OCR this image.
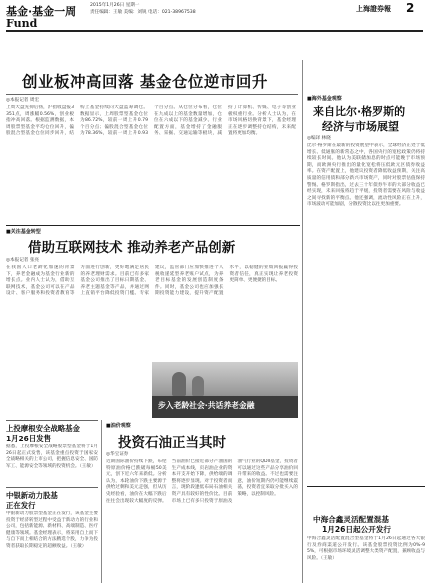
基金·基金一周
Fund
2015年1月26日 星期一
责任编辑：王敏 美编：刘锐 电话：021-38967538	上海證券報 2
创业板冲高回落 基金仓位逆市回升
◎本报记者 周宏
上周大盘先抑后扬，沪指收盘报3351点，周涨幅0.56%，创业板指冲高回落。根据监测数据，本周股票型基金平均仓位回升，偏股混合型基金仓位同步回升，结构上基金持续向大盘蓝筹调仓。数据显示，上周股票型基金仓位为86.72%，较前一周上升0.79个百分点；偏股混合型基金仓位为78.36%，较前一周上升0.93个百分点。从仓位分布看，仓位在九成以上的基金数量增加，仓位在六成以下的基金减少。行业配置方面，基金增持了金融服务、采掘、交通运输等板块，减持了计算机、传媒、电子等创业板权重行业。分析人士认为，在市场风格切换背景下，基金经理正在逐步调整持仓结构，未来配置将更加均衡。
■海外基金观察
来自比尔·格罗斯的
经济与市场展望
◎编译 林晓
比尔·格罗斯在最新的投资展望中表示，全球经济正处于低增长、低通胀的新常态之中，各国央行的宽松政策仍将持续较长时间。他认为美联储加息的时点可能晚于市场预期，而欧洲央行推出的量化宽松将压低欧元区债券收益率。在资产配置上，他建议投资者降低收益预期，关注高质量的信用债和部分新兴市场资产，同时对股票估值保持警惕。格罗斯指出，过去三十年债券牛市的大部分收益已经实现，未来回报将趋于平缓，投资者需要在风险与收益之间寻找新的平衡点。他还强调，流动性风险正在上升，市场波动可能加剧，分散投资比以往更加重要。
■关注基金转型
借助互联网技术 推动养老产品创新
◎本报记者 张亮
在我国人口老龄化加速的背景下，养老金融成为基金行业新的增长点。业内人士认为，借助互联网技术，基金公司可以在产品设计、客户服务和投资者教育等方面进行创新，更好地满足居民的养老理财需求。目前已有多家基金公司推出了目标日期基金、养老主题基金等产品，并通过网上直销平台降低投资门槛。专家建议，监管部门应加快推进个人税收递延型养老账户试点，为养老目标基金的发展创造制度条件。同时，基金公司也应加强长期投资能力建设，提升资产配置水平，以稳健的业绩回报赢得投资者信任，真正实现让养老投资更简单、更便捷的目标。
步入老龄社会·共话养老金融
上投摩根安全战略基金
1月26日发售
据悉，上投摩根安全战略股票型基金将于1月26日起正式发售，该基金重点投资于国家安全战略相关的上市公司，把握信息安全、国防军工、能源安全等领域的投资机会。（王敏）
中银新动力股基
正在发行
中银新动力股票型基金正在发行，该基金主要投资于经济转型过程中受益于新动力的行业和公司，包括新能源、新材料、高端制造、医疗健康等领域。基金经理表示，将采用自上而下与自下而上相结合的方法精选个股，力争为投资者获取长期稳定的超额收益。（王敏）
■油价观察
投资石油正当其时
◎华宝证券
近期国际油价持续下跌，布伦特原油价格已跌破每桶50美元，创下近六年来新低。分析认为，本轮油价下跌主要源于供给过剩和美元走强，但从历史经验看，油价在大幅下跌后往往会出现较大幅度的反弹。当前油价已接近部分产油国的生产成本线，页岩油企业的资本开支开始下降，供给端的调整将逐步显现。对于投资者而言，现阶段逢低布局石油相关资产具有较好的性价比。目前市场上已有多只投资于原油及油气行业的QDII基金，投资者可以通过这些产品分享油价回升带来的收益。不过也需要注意，油价短期内仍可能继续震荡，投资者宜采取分批买入的策略，以控制风险。
中海合鑫灵活配置混基
1月26日起公开发行
中海合鑫灵活配置混合型基金将于1月26日起通过各大银行及券商渠道公开发行。该基金股票投资比例为0%-95%，可根据市场环境灵活调整大类资产配置，兼顾收益与风险。（王敏）
